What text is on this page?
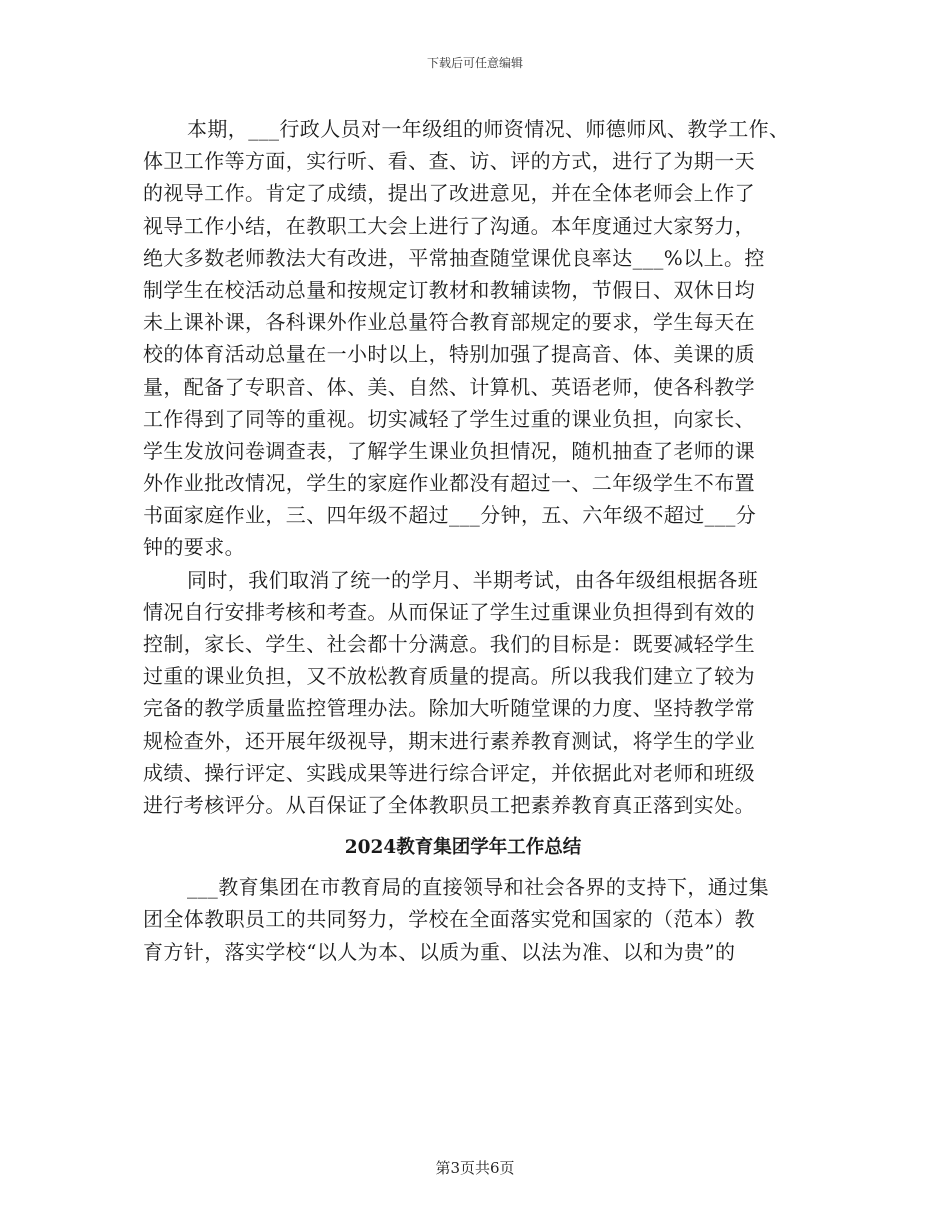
下载后可任意编辑
本期，___行政人员对一年级组的师资情况、师德师风、教学工作、
体卫工作等方面，实行听、看、查、访、评的方式，进行了为期一天
的视导工作。肯定了成绩，提出了改进意见，并在全体老师会上作了
视导工作小结，在教职工大会上进行了沟通。本年度通过大家努力，
绝大多数老师教法大有改进，平常抽查随堂课优良率达___%以上。控
制学生在校活动总量和按规定订教材和教辅读物，节假日、双休日均
未上课补课，各科课外作业总量符合教育部规定的要求，学生每天在
校的体育活动总量在一小时以上，特别加强了提高音、体、美课的质
量，配备了专职音、体、美、自然、计算机、英语老师，使各科教学
工作得到了同等的重视。切实减轻了学生过重的课业负担，向家长、
学生发放问卷调查表，了解学生课业负担情况，随机抽查了老师的课
外作业批改情况，学生的家庭作业都没有超过一、二年级学生不布置
书面家庭作业，三、四年级不超过___分钟，五、六年级不超过___分
钟的要求。
同时，我们取消了统一的学月、半期考试，由各年级组根据各班
情况自行安排考核和考查。从而保证了学生过重课业负担得到有效的
控制，家长、学生、社会都十分满意。我们的目标是：既要减轻学生
过重的课业负担，又不放松教育质量的提高。所以我我们建立了较为
完备的教学质量监控管理办法。除加大听随堂课的力度、坚持教学常
规检查外，还开展年级视导，期末进行素养教育测试，将学生的学业
成绩、操行评定、实践成果等进行综合评定，并依据此对老师和班级
进行考核评分。从百保证了全体教职员工把素养教育真正落到实处。
2024教育集团学年工作总结
___教育集团在市教育局的直接领导和社会各界的支持下，通过集
团全体教职员工的共同努力，学校在全面落实党和国家的（范本）教
育方针，落实学校“以人为本、以质为重、以法为准、以和为贵”的
第3页共6页
